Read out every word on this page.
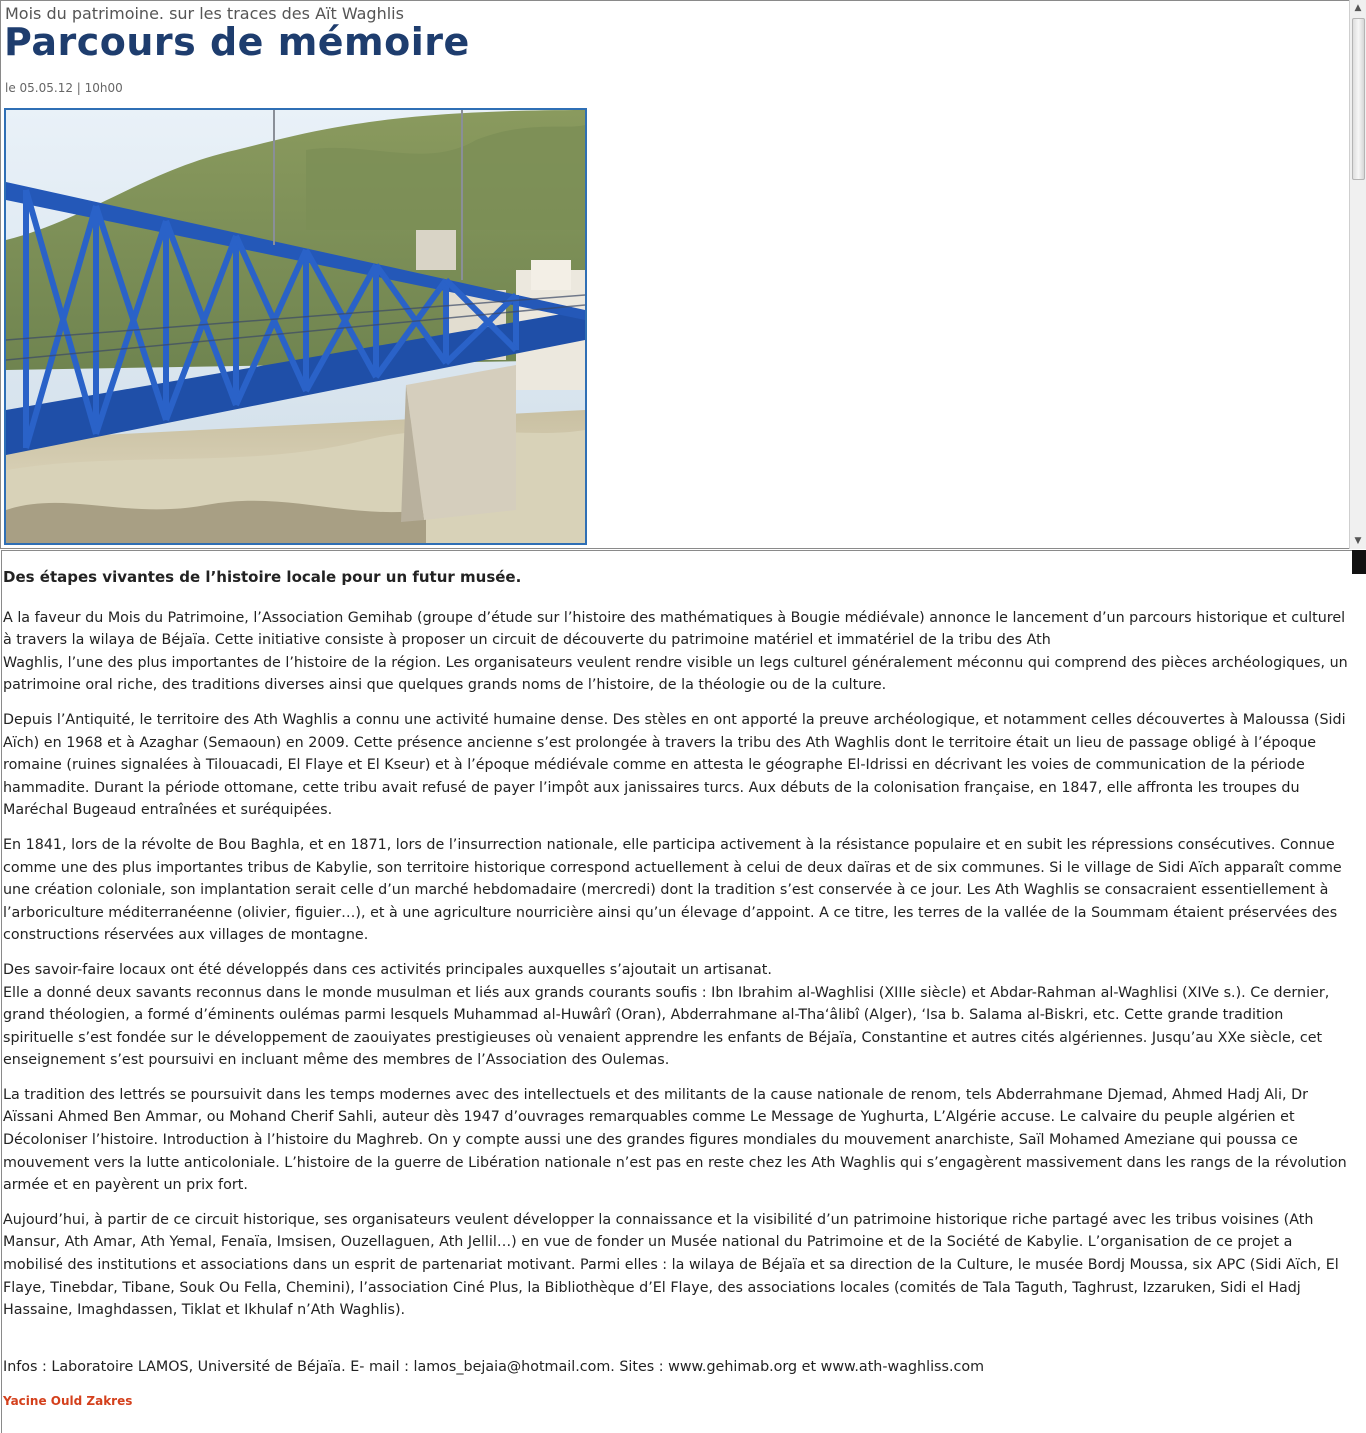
Mois du patrimoine. sur les traces des Aït Waghlis
Parcours de mémoire
le 05.05.12 | 10h00
▲
▼

Des étapes vivantes de l’histoire locale pour un futur musée.

A la faveur du Mois du Patrimoine, l’Association Gemihab (groupe d’étude sur l’histoire des mathématiques à Bougie médiévale) annonce le lancement d’un parcours historique et culturel à travers la wilaya de Béjaïa. Cette initiative consiste à proposer un circuit de découverte du patrimoine matériel et immatériel de la tribu des Ath
Waghlis, l’une des plus importantes de l’histoire de la région. Les organisateurs veulent rendre visible un legs culturel généralement méconnu qui comprend des pièces archéologiques, un patrimoine oral riche, des traditions diverses ainsi que quelques grands noms de l’histoire, de la théologie ou de la culture.

Depuis l’Antiquité, le territoire des Ath Waghlis a connu une activité humaine dense. Des stèles en ont apporté la preuve archéologique, et notamment celles découvertes à Maloussa (Sidi Aïch) en 1968 et à Azaghar (Semaoun) en 2009. Cette présence ancienne s’est prolongée à travers la tribu des Ath Waghlis dont le territoire était un lieu de passage obligé à l’époque romaine (ruines signalées à Tilouacadi, El Flaye et El Kseur) et à l’époque médiévale comme en attesta le géographe El-Idrissi en décrivant les voies de communication de la période hammadite. Durant la période ottomane, cette tribu avait refusé de payer l’impôt aux janissaires turcs. Aux débuts de la colonisation française, en 1847, elle affronta les troupes du Maréchal Bugeaud entraînées et suréquipées.

En 1841, lors de la révolte de Bou Baghla, et en 1871, lors de l’insurrection nationale, elle participa activement à la résistance populaire et en subit les répressions consécutives. Connue comme une des plus importantes tribus de Kabylie, son territoire historique correspond actuellement à celui de deux daïras et de six communes. Si le village de Sidi Aïch apparaît comme une création coloniale, son implantation serait celle d’un marché hebdomadaire (mercredi) dont la tradition s’est conservée à ce jour. Les Ath Waghlis se consacraient essentiellement à l’arboriculture méditerranéenne (olivier, figuier…), et à une agriculture nourricière ainsi qu’un élevage d’appoint. A ce titre, les terres de la vallée de la Soummam étaient préservées des constructions réservées aux villages de montagne.

Des savoir-faire locaux ont été développés dans ces activités principales auxquelles s’ajoutait un artisanat.
Elle a donné deux savants reconnus dans le monde musulman et liés aux grands courants soufis : Ibn Ibrahim al-Waghlisi (XIIIe siècle) et Abdar-Rahman al-Waghlisi (XIVe s.). Ce dernier, grand théologien, a formé d’éminents oulémas parmi lesquels Muhammad al-Huwârî (Oran), Abderrahmane al-Tha‘âlibî (Alger), ‘Isa b. Salama al-Biskri, etc. Cette grande tradition spirituelle s’est fondée sur le développement de zaouiyates prestigieuses où venaient apprendre les enfants de Béjaïa, Constantine et autres cités algériennes. Jusqu’au XXe siècle, cet enseignement s’est poursuivi en incluant même des membres de l’Association des Oulemas.

La tradition des lettrés se poursuivit dans les temps modernes avec des intellectuels et des militants de la cause nationale de renom, tels Abderrahmane Djemad, Ahmed Hadj Ali, Dr Aïssani Ahmed Ben Ammar, ou Mohand Cherif Sahli, auteur dès 1947 d’ouvrages remarquables comme Le Message de Yughurta, L’Algérie accuse. Le calvaire du peuple algérien et Décoloniser l’histoire. Introduction à l’histoire du Maghreb. On y compte aussi une des grandes figures mondiales du mouvement anarchiste, Saïl Mohamed Ameziane qui poussa ce mouvement vers la lutte anticoloniale. L’histoire de la guerre de Libération nationale n’est pas en reste chez les Ath Waghlis qui s’engagèrent massivement dans les rangs de la révolution armée et en payèrent un prix fort.

Aujourd’hui, à partir de ce circuit historique, ses organisateurs veulent développer la connaissance et la visibilité d’un patrimoine historique riche partagé avec les tribus voisines (Ath Mansur, Ath Amar, Ath Yemal, Fenaïa, Imsisen, Ouzellaguen, Ath Jellil…) en vue de fonder un Musée national du Patrimoine et de la Société de Kabylie. L’organisation de ce projet a mobilisé des institutions et associations dans un esprit de partenariat motivant. Parmi elles : la wilaya de Béjaïa et sa direction de la Culture, le musée Bordj Moussa, six APC (Sidi Aïch, El Flaye, Tinebdar, Tibane, Souk Ou Fella, Chemini), l’association Ciné Plus, la Bibliothèque d’El Flaye, des associations locales (comités de Tala Taguth, Taghrust, Izzaruken, Sidi el Hadj Hassaine, Imaghdassen, Tiklat et Ikhulaf n’Ath Waghlis).

Infos : Laboratoire LAMOS, Université de Béjaïa. E- mail : lamos_bejaia@hotmail.com. Sites : www.gehimab.org et www.ath-waghliss.com

Yacine Ould Zakres
